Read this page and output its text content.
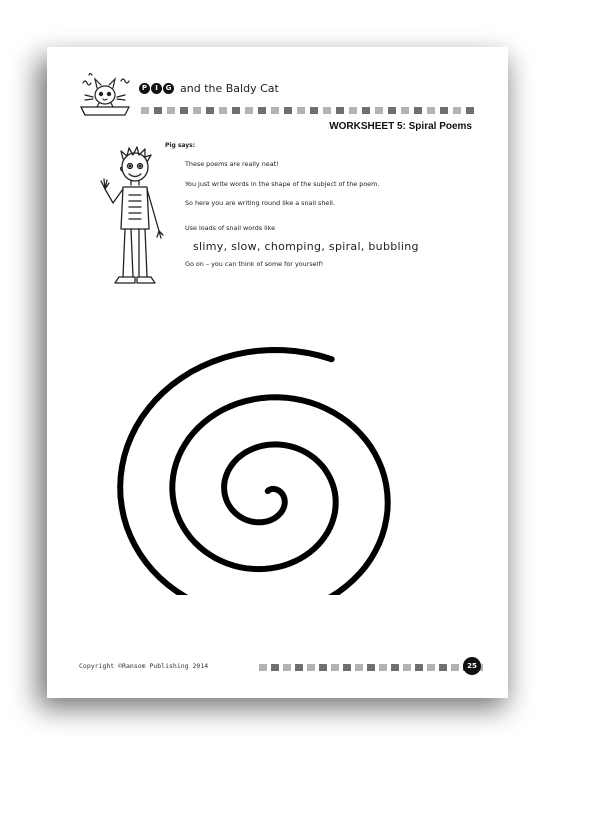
P	I	G and the Baldy Cat
WORKSHEET 5: Spiral Poems
Pig says:
These poems are really neat!
You just write words in the shape of the subject of the poem.
So here you are writing round like a snail shell.
Use loads of snail words like
slimy, slow, chomping, spiral, bubbling
Go on – you can think of some for yourself!
Copyright ©Ransom Publishing 2014	25
